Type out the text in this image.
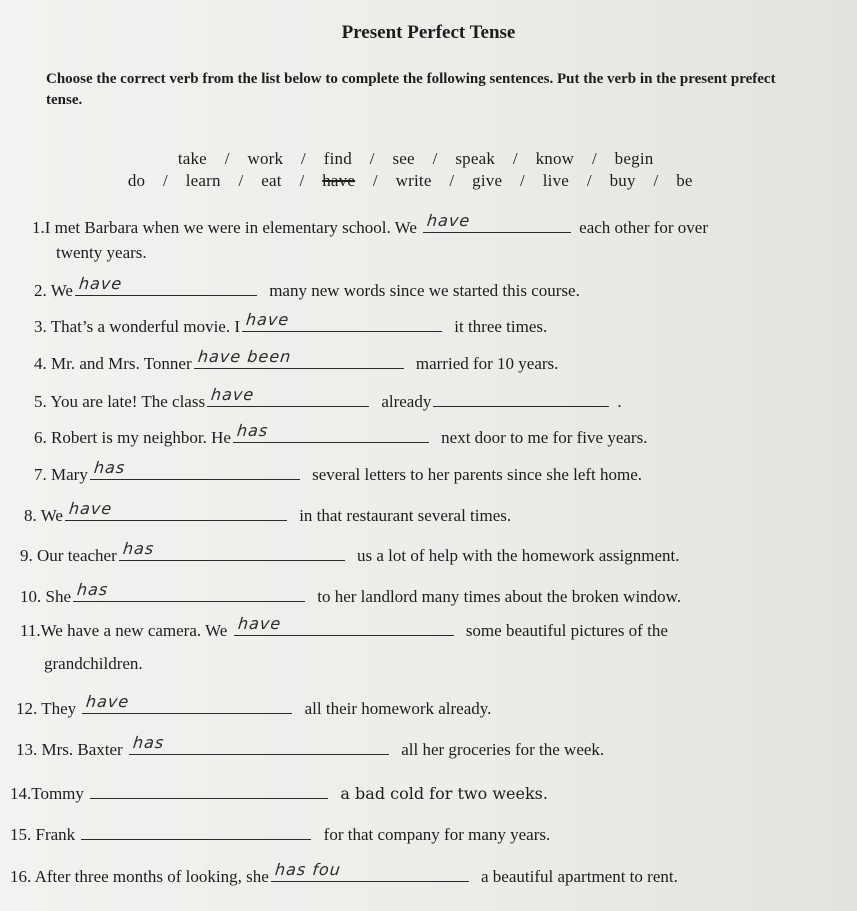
Present Perfect Tense
Choose the correct verb from the list below to complete the following sentences. Put the verb in the present prefect tense.

take    /    work    /    find    /    see    /    speak    /    know    /    begin

do    /    learn    /    eat    /    have    /    write    /    give    /    live    /    buy    /    be

1.I met Barbara when we were in elementary school. We have	each other for over
twenty years.
2. We have	many new words since we started this course.
3. That’s a wonderful movie. I have	it three times.
4. Mr. and Mrs. Tonner have been	married for 10 years.
5. You are late! The class have	already	.
6. Robert is my neighbor. He has	next door to me for five years.
7. Mary has	several letters to her parents since she left home.
8. We have	in that restaurant several times.
9. Our teacher has	us a lot of help with the homework assignment.
10. She has	to her landlord many times about the broken window.
11.We have a new camera. We have	some beautiful pictures of the
grandchildren.
12. They have	all their homework already.
13. Mrs. Baxter has	all her groceries for the week.
14.Tommy	a bad cold for two weeks.
15. Frank	for that company for many years.
16. After three months of looking, she has fou	a beautiful apartment to rent.
